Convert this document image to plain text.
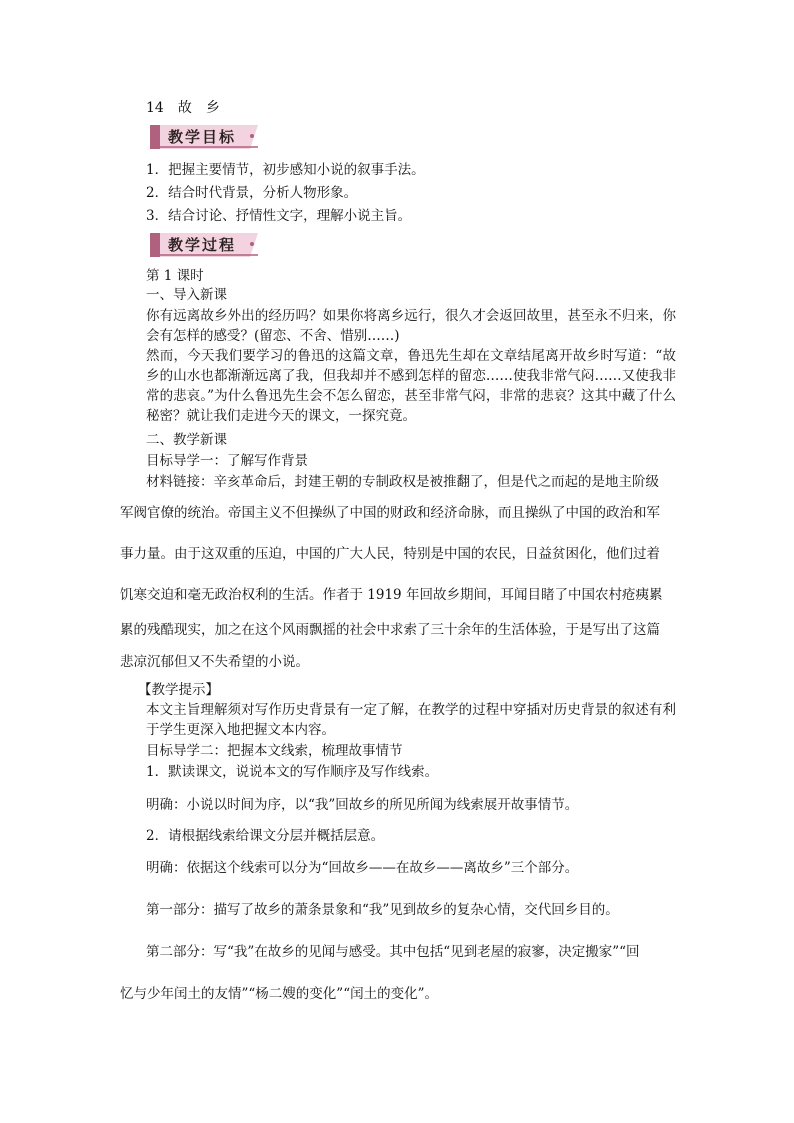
14　故　乡
教学目标
1．把握主要情节，初步感知小说的叙事手法。
2．结合时代背景，分析人物形象。
3．结合讨论、抒情性文字，理解小说主旨。
教学过程
第 1 课时
一、导入新课
你有远离故乡外出的经历吗？如果你将离乡远行，很久才会返回故里，甚至永不归来，你会有怎样的感受？(留恋、不舍、惜别……)
然而，今天我们要学习的鲁迅的这篇文章，鲁迅先生却在文章结尾离开故乡时写道：“故乡的山水也都渐渐远离了我，但我却并不感到怎样的留恋……使我非常气闷……又使我非常的悲哀。”为什么鲁迅先生会不怎么留恋，甚至非常气闷，非常的悲哀？这其中藏了什么秘密？就让我们走进今天的课文，一探究竟。
二、教学新课
目标导学一：了解写作背景
材料链接：辛亥革命后，封建王朝的专制政权是被推翻了，但是代之而起的是地主阶级
军阀官僚的统治。帝国主义不但操纵了中国的财政和经济命脉，而且操纵了中国的政治和军
事力量。由于这双重的压迫，中国的广大人民，特别是中国的农民，日益贫困化，他们过着
饥寒交迫和毫无政治权利的生活。作者于 1919 年回故乡期间，耳闻目睹了中国农村疮痍累
累的残酷现实，加之在这个风雨飘摇的社会中求索了三十余年的生活体验，于是写出了这篇
悲凉沉郁但又不失希望的小说。
【教学提示】
本文主旨理解须对写作历史背景有一定了解，在教学的过程中穿插对历史背景的叙述有利于学生更深入地把握文本内容。
目标导学二：把握本文线索，梳理故事情节
1．默读课文，说说本文的写作顺序及写作线索。
明确：小说以时间为序，以“我”回故乡的所见所闻为线索展开故事情节。
2．请根据线索给课文分层并概括层意。
明确：依据这个线索可以分为“回故乡——在故乡——离故乡”三个部分。
第一部分：描写了故乡的萧条景象和“我”见到故乡的复杂心情，交代回乡目的。
第二部分：写“我”在故乡的见闻与感受。其中包括“见到老屋的寂寥，决定搬家”“回
忆与少年闰土的友情”“杨二嫂的变化”“闰土的变化”。
